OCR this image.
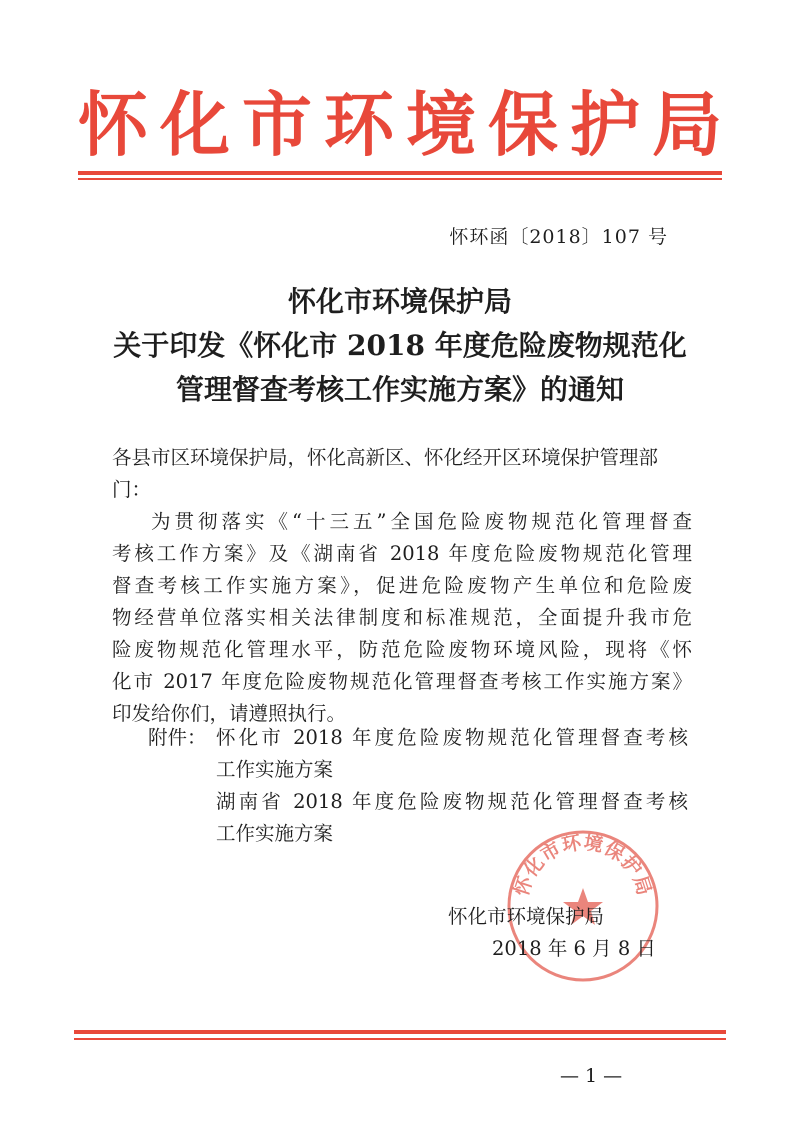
怀 化 市 环 境 保 护 局
怀环函〔2018〕107 号
怀化市环境保护局
关于印发《怀化市 2018 年度危险废物规范化
管理督查考核工作实施方案》的通知

各县市区环境保护局，怀化高新区、怀化经开区环境保护管理部门：

为贯彻落实《“十三五”全国危险废物规范化管理督查

考核工作方案》及《湖南省 2018 年度危险废物规范化管理

督查考核工作实施方案》，促进危险废物产生单位和危险废

物经营单位落实相关法律制度和标准规范，全面提升我市危

险废物规范化管理水平，防范危险废物环境风险，现将《怀

化市 2017 年度危险废物规范化管理督查考核工作实施方案》

印发给你们，请遵照执行。

附件： 怀化市 2018 年度危险废物规范化管理督查考核

工作实施方案

湖南省 2018 年度危险废物规范化管理督查考核

工作实施方案

怀化市环境保护局
怀化市环境保护局
2018 年 6 月 8 日
— 1 —
